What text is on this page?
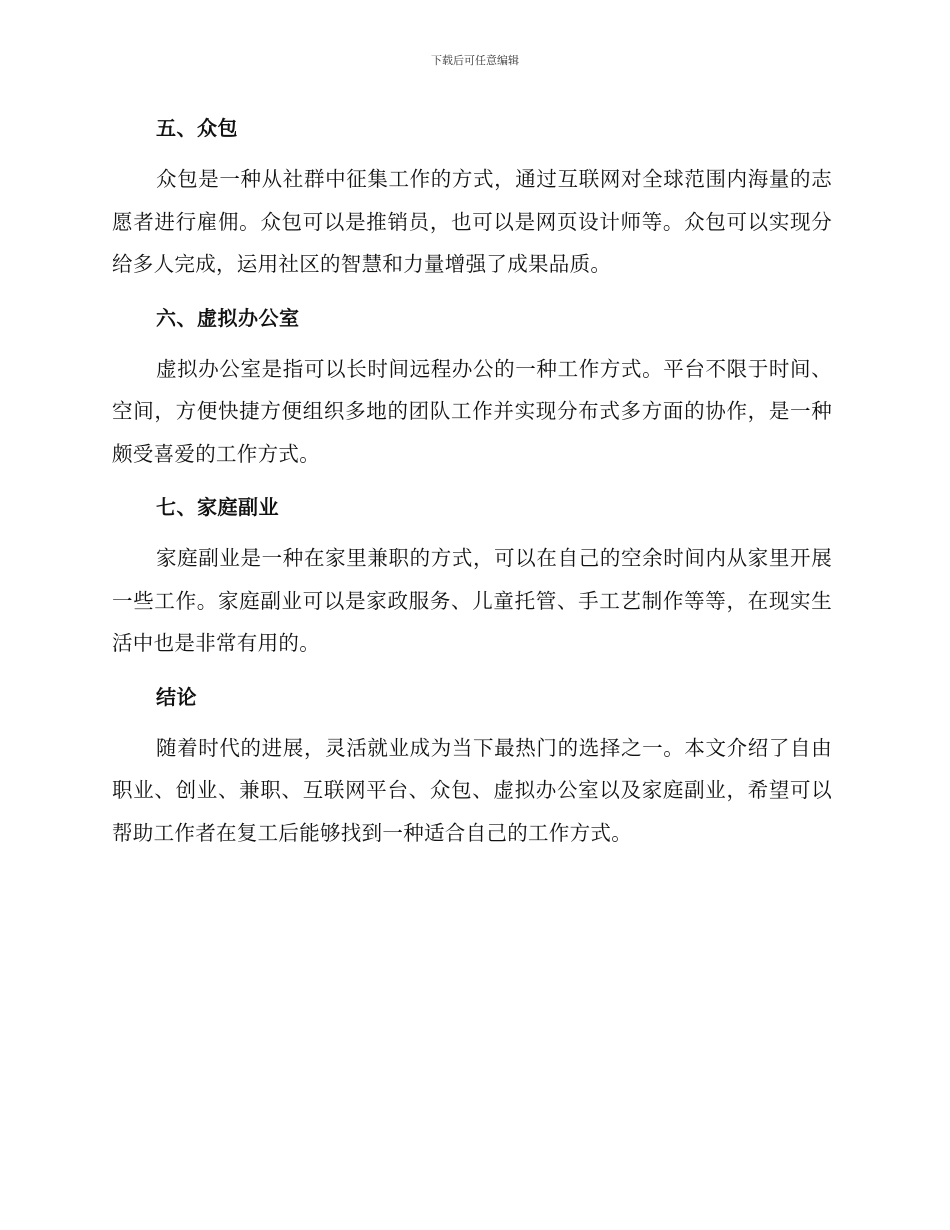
下载后可任意编辑
五、众包

众包是一种从社群中征集工作的方式，通过互联网对全球范围内海量的志愿者进行雇佣。众包可以是推销员，也可以是网页设计师等。众包可以实现分给多人完成，运用社区的智慧和力量增强了成果品质。

六、虚拟办公室

虚拟办公室是指可以长时间远程办公的一种工作方式。平台不限于时间、空间，方便快捷方便组织多地的团队工作并实现分布式多方面的协作，是一种颇受喜爱的工作方式。

七、家庭副业

家庭副业是一种在家里兼职的方式，可以在自己的空余时间内从家里开展一些工作。家庭副业可以是家政服务、儿童托管、手工艺制作等等，在现实生活中也是非常有用的。

结论

随着时代的进展，灵活就业成为当下最热门的选择之一。本文介绍了自由职业、创业、兼职、互联网平台、众包、虚拟办公室以及家庭副业，希望可以帮助工作者在复工后能够找到一种适合自己的工作方式。
